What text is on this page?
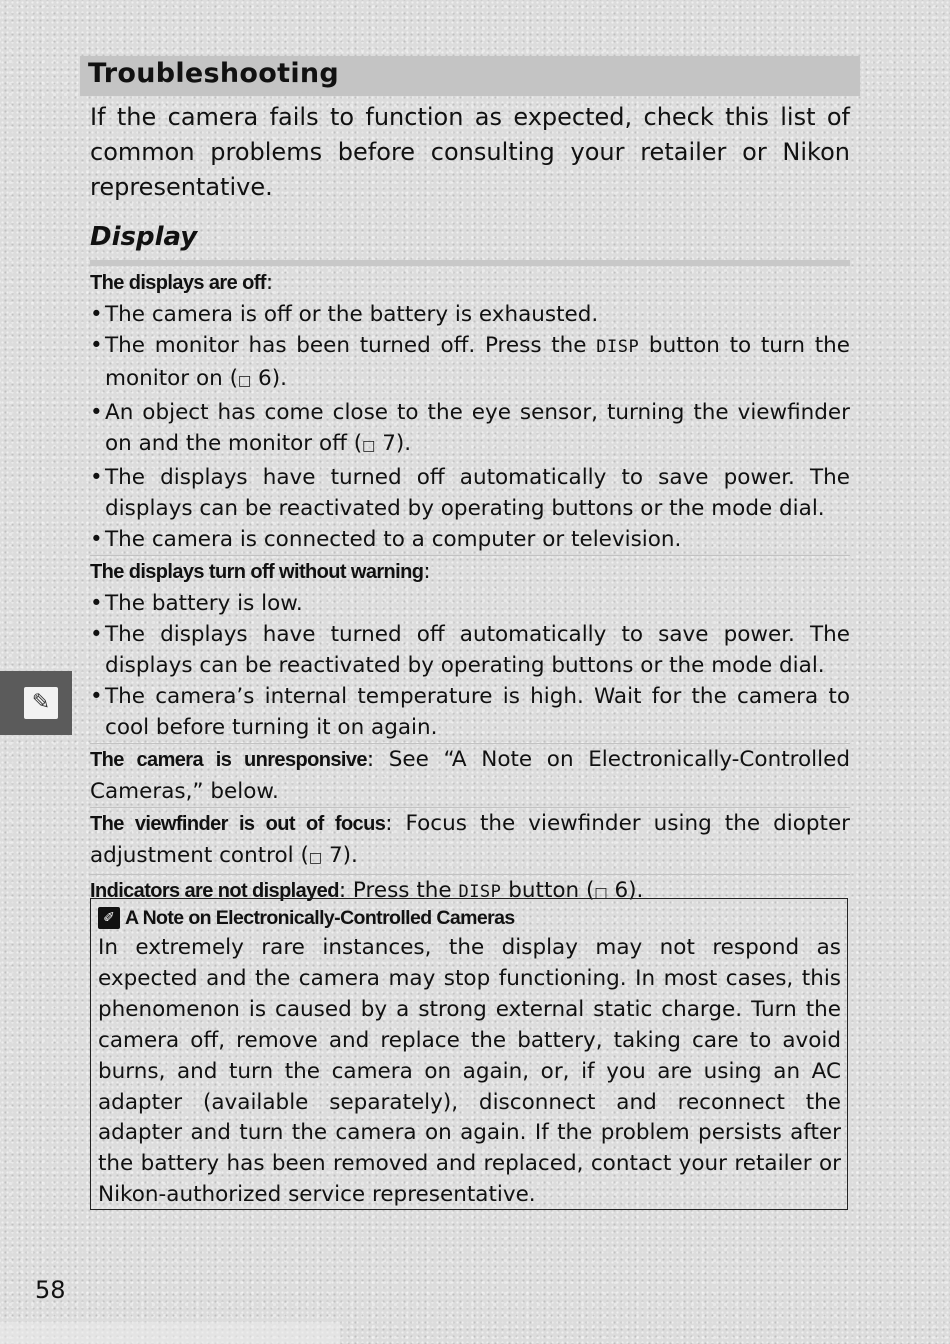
Troubleshooting
If the camera fails to function as expected, check this list of common problems before consulting your retailer or Nikon representative.
Display
The displays are off:
• The camera is off or the battery is exhausted.
• The monitor has been turned off. Press the DISP button to turn the monitor on (□ 6).
• An object has come close to the eye sensor, turning the viewfinder on and the monitor off (□ 7).
• The displays have turned off automatically to save power. The displays can be reactivated by operating buttons or the mode dial.
• The camera is connected to a computer or television.
The displays turn off without warning:
• The battery is low.
• The displays have turned off automatically to save power. The displays can be reactivated by operating buttons or the mode dial.
• The camera’s internal temperature is high. Wait for the camera to cool before turning it on again.
The camera is unresponsive: See “A Note on Electronically-Controlled Cameras,” below.
The viewfinder is out of focus: Focus the viewfinder using the diopter adjustment control (□ 7).
Indicators are not displayed: Press the DISP button (□ 6).
✐ A Note on Electronically-Controlled Cameras
In extremely rare instances, the display may not respond as expected and the camera may stop functioning. In most cases, this phenomenon is caused by a strong external static charge. Turn the camera off, remove and replace the battery, taking care to avoid burns, and turn the camera on again, or, if you are using an AC adapter (available separately), disconnect and reconnect the adapter and turn the camera on again. If the problem persists after the battery has been removed and replaced, contact your retailer or Nikon-authorized service representative.
✎
58
